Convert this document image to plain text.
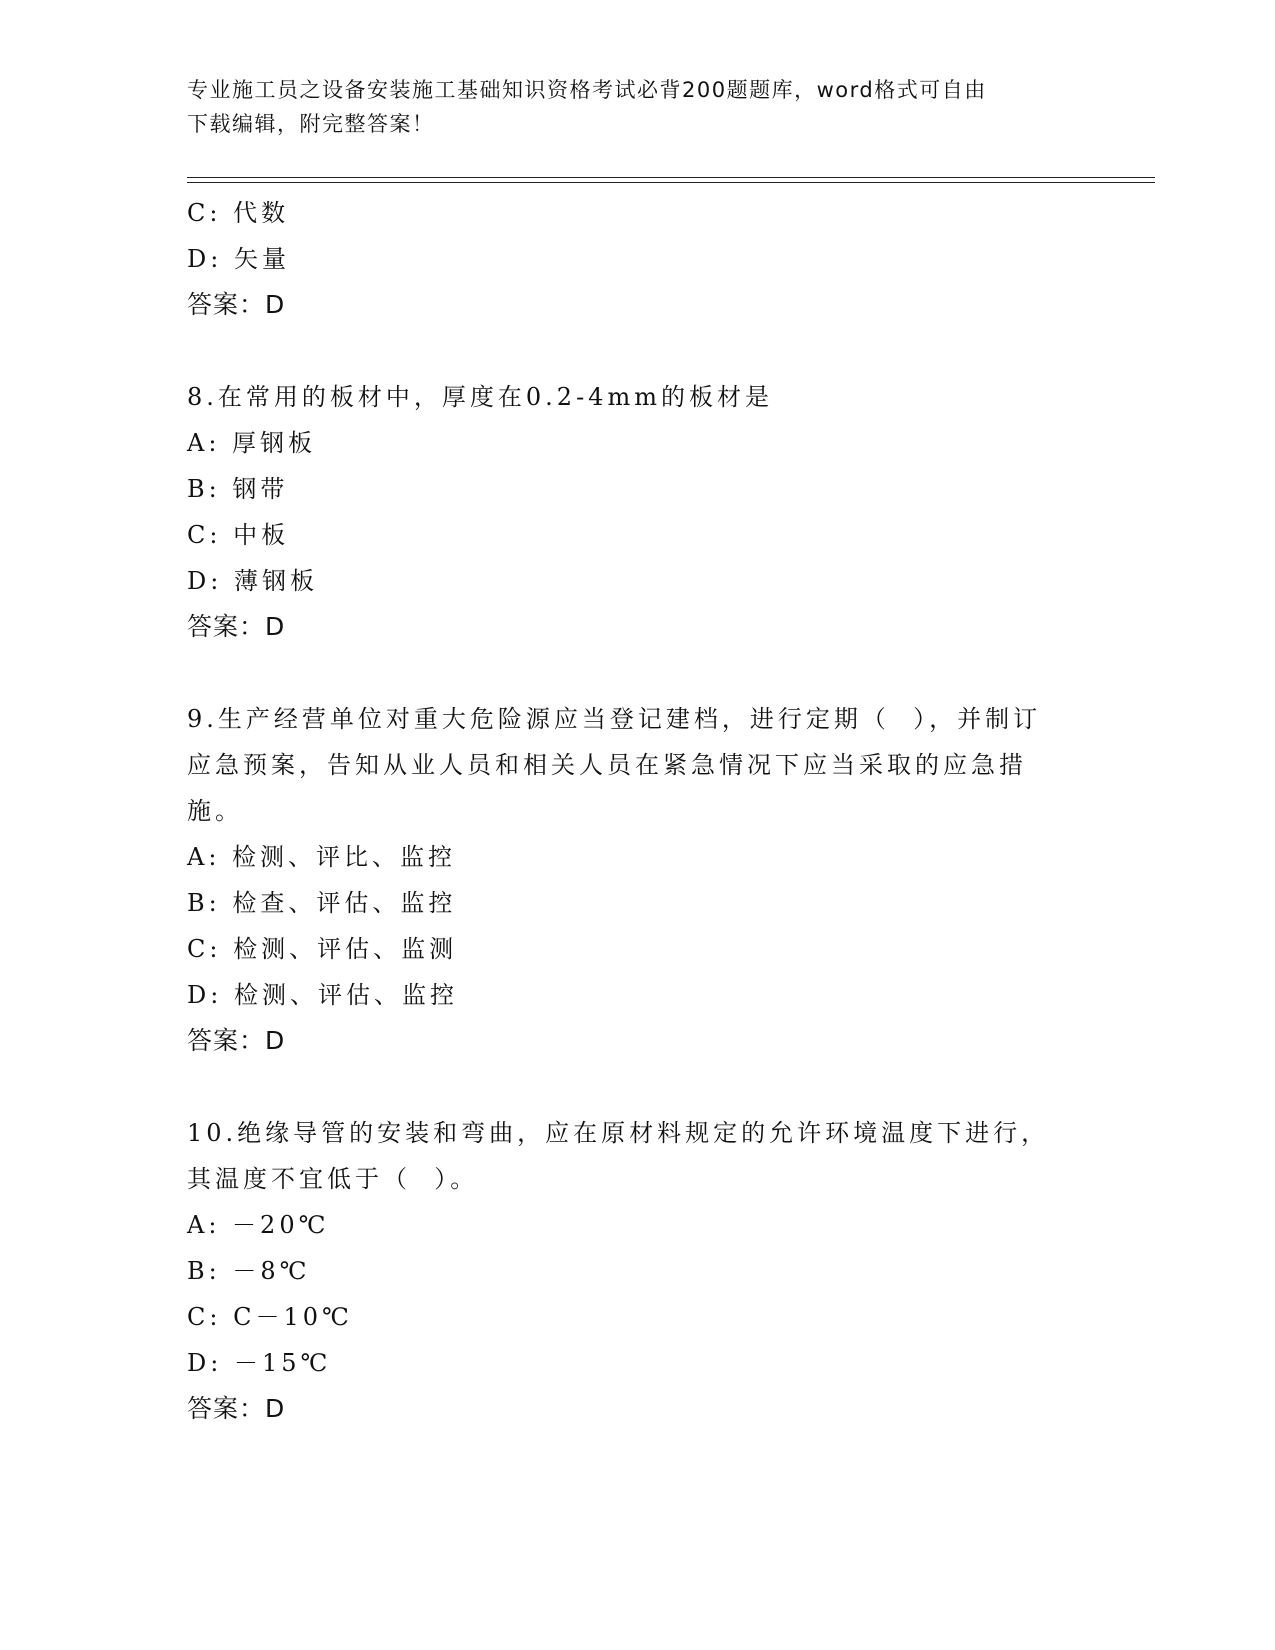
专业施工员之设备安装施工基础知识资格考试必背200题题库，word格式可自由
下载编辑，附完整答案！
C: 代数
D: 矢量
答案：D
8.在常用的板材中，厚度在0.2-4mm的板材是
A: 厚钢板
B: 钢带
C: 中板
D: 薄钢板
答案：D
9.生产经营单位对重大危险源应当登记建档，进行定期（  ），并制订
应急预案，告知从业人员和相关人员在紧急情况下应当采取的应急措
施。
A: 检测、评比、监控
B: 检查、评估、监控
C: 检测、评估、监测
D: 检测、评估、监控
答案：D
10.绝缘导管的安装和弯曲，应在原材料规定的允许环境温度下进行，
其温度不宜低于（  ）。
A: －20℃
B: －8℃
C: C－10℃
D: －15℃
答案：D
